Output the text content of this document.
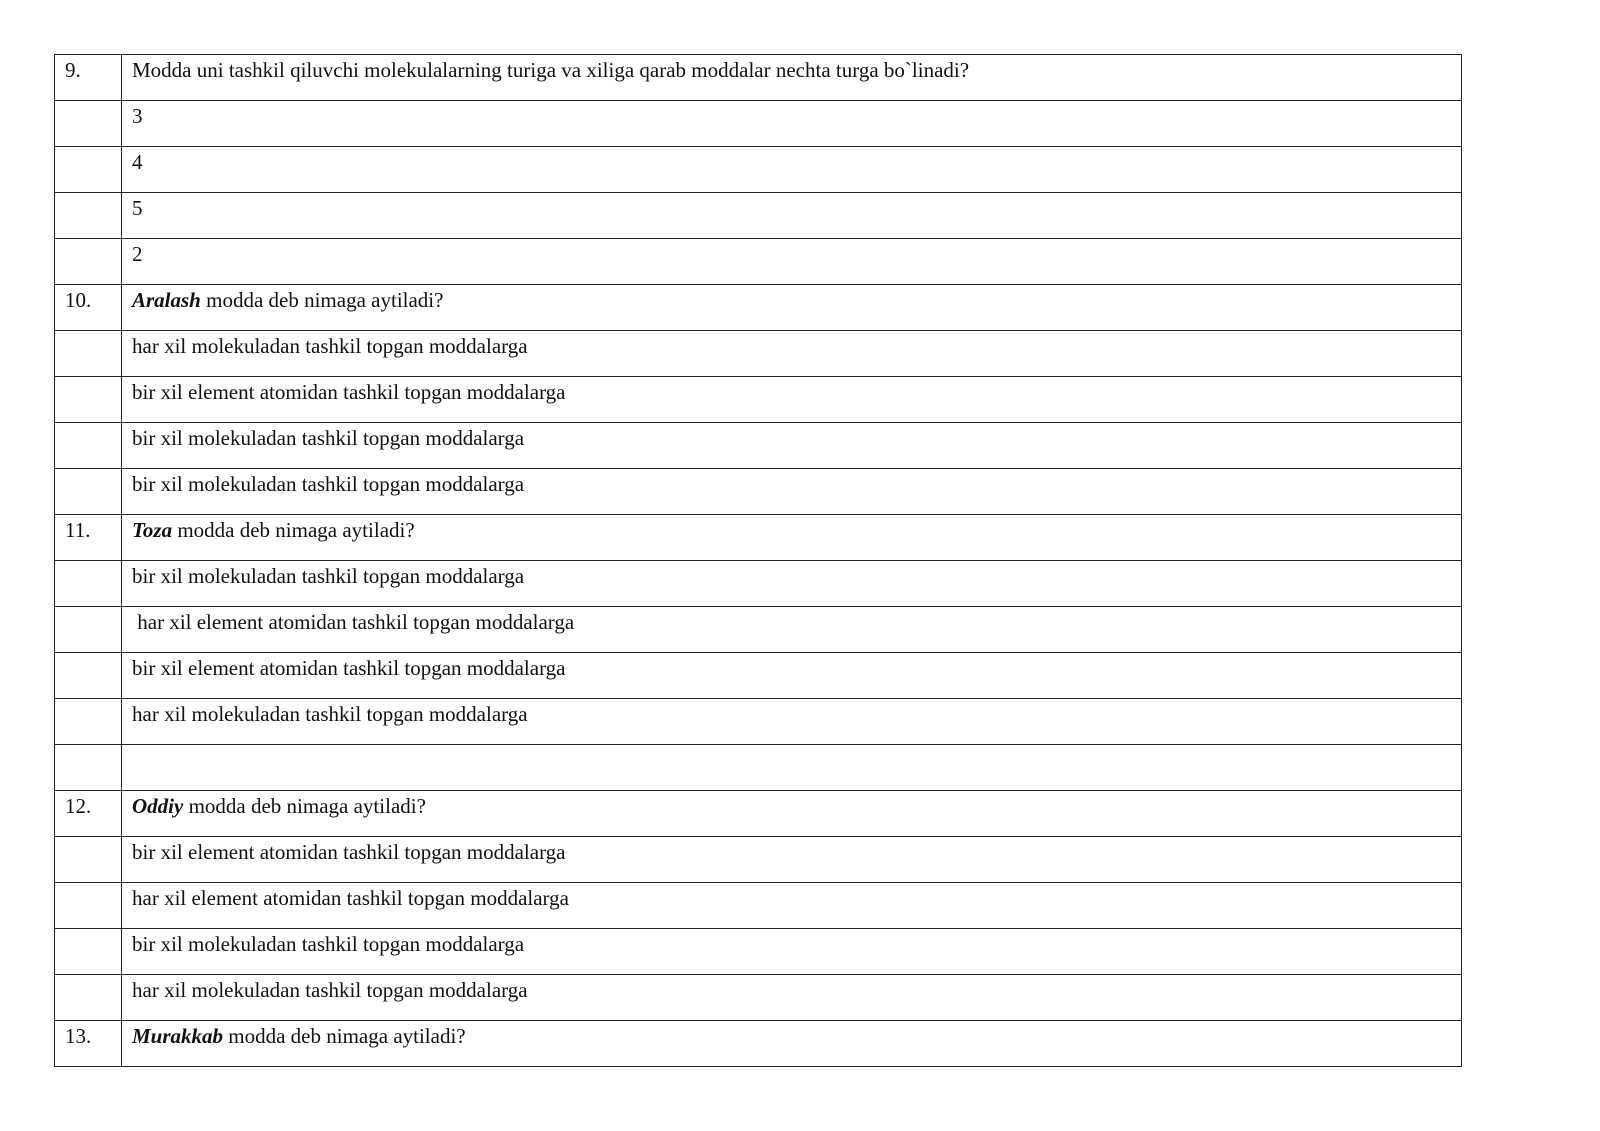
9.	Modda uni tashkil qiluvchi molekulalarning turiga va xiliga qarab moddalar nechta turga bo`linadi?
	3
	4
	5
	2
10.	Aralash modda deb nimaga aytiladi?
	har xil molekuladan tashkil topgan moddalarga
	bir xil element atomidan tashkil topgan moddalarga
	bir xil molekuladan tashkil topgan moddalarga
	bir xil molekuladan tashkil topgan moddalarga
11.	Toza modda deb nimaga aytiladi?
	bir xil molekuladan tashkil topgan moddalarga
	har xil element atomidan tashkil topgan moddalarga
	bir xil element atomidan tashkil topgan moddalarga
	har xil molekuladan tashkil topgan moddalarga

12.	Oddiy modda deb nimaga aytiladi?
	bir xil element atomidan tashkil topgan moddalarga
	har xil element atomidan tashkil topgan moddalarga
	bir xil molekuladan tashkil topgan moddalarga
	har xil molekuladan tashkil topgan moddalarga
13.	Murakkab modda deb nimaga aytiladi?
